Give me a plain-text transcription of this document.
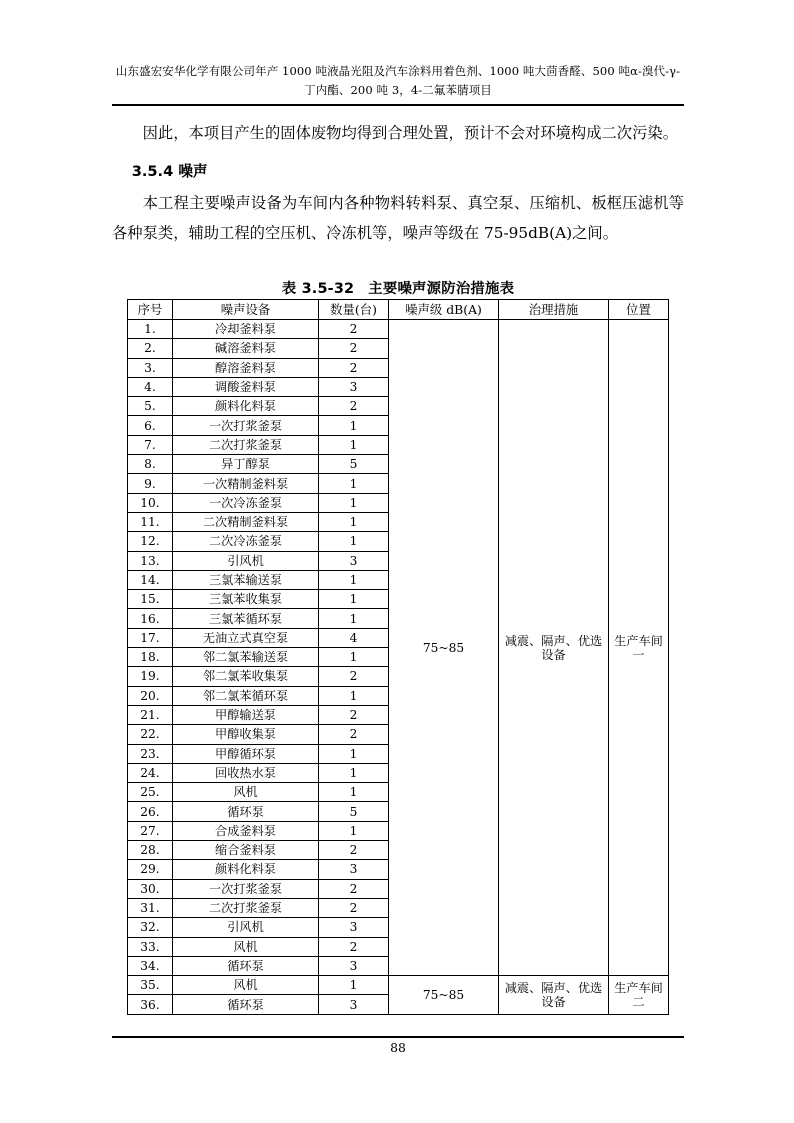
山东盛宏安华化学有限公司年产 1000 吨液晶光阻及汽车涂料用着色剂、1000 吨大茴香醛、500 吨α-溴代-γ-丁内酯、200 吨 3，4-二氟苯腈项目

因此，本项目产生的固体废物均得到合理处置，预计不会对环境构成二次污染。

3.5.4 噪声

本工程主要噪声设备为车间内各种物料转料泵、真空泵、压缩机、板框压滤机等各种泵类，辅助工程的空压机、冷冻机等，噪声等级在 75-95dB(A)之间。

表 3.5-32 主要噪声源防治措施表
序号	噪声设备	数量(台)	噪声级 dB(A)	治理措施	位置
1.	冷却釜料泵	2	75~85	减震、隔声、优选设备	生产车间一
2.	碱溶釜料泵	2			
3.	醇溶釜料泵	2			
4.	调酸釜料泵	3			
5.	颜料化料泵	2			
6.	一次打浆釜泵	1			
7.	二次打浆釜泵	1			
8.	异丁醇泵	5			
9.	一次精制釜料泵	1			
10.	一次冷冻釜泵	1			
11.	二次精制釜料泵	1			
12.	二次冷冻釜泵	1			
13.	引风机	3			
14.	三氯苯输送泵	1			
15.	三氯苯收集泵	1			
16.	三氯苯循环泵	1			
17.	无油立式真空泵	4			
18.	邻二氯苯输送泵	1			
19.	邻二氯苯收集泵	2			
20.	邻二氯苯循环泵	1			
21.	甲醇输送泵	2			
22.	甲醇收集泵	2			
23.	甲醇循环泵	1			
24.	回收热水泵	1			
25.	风机	1			
26.	循环泵	5			
27.	合成釜料泵	1			
28.	缩合釜料泵	2			
29.	颜料化料泵	3			
30.	一次打浆釜泵	2			
31.	二次打浆釜泵	2			
32.	引风机	3			
33.	风机	2			
34.	循环泵	3			
35.	风机	1	75~85	减震、隔声、优选设备	生产车间二
36.	循环泵	3			
88
